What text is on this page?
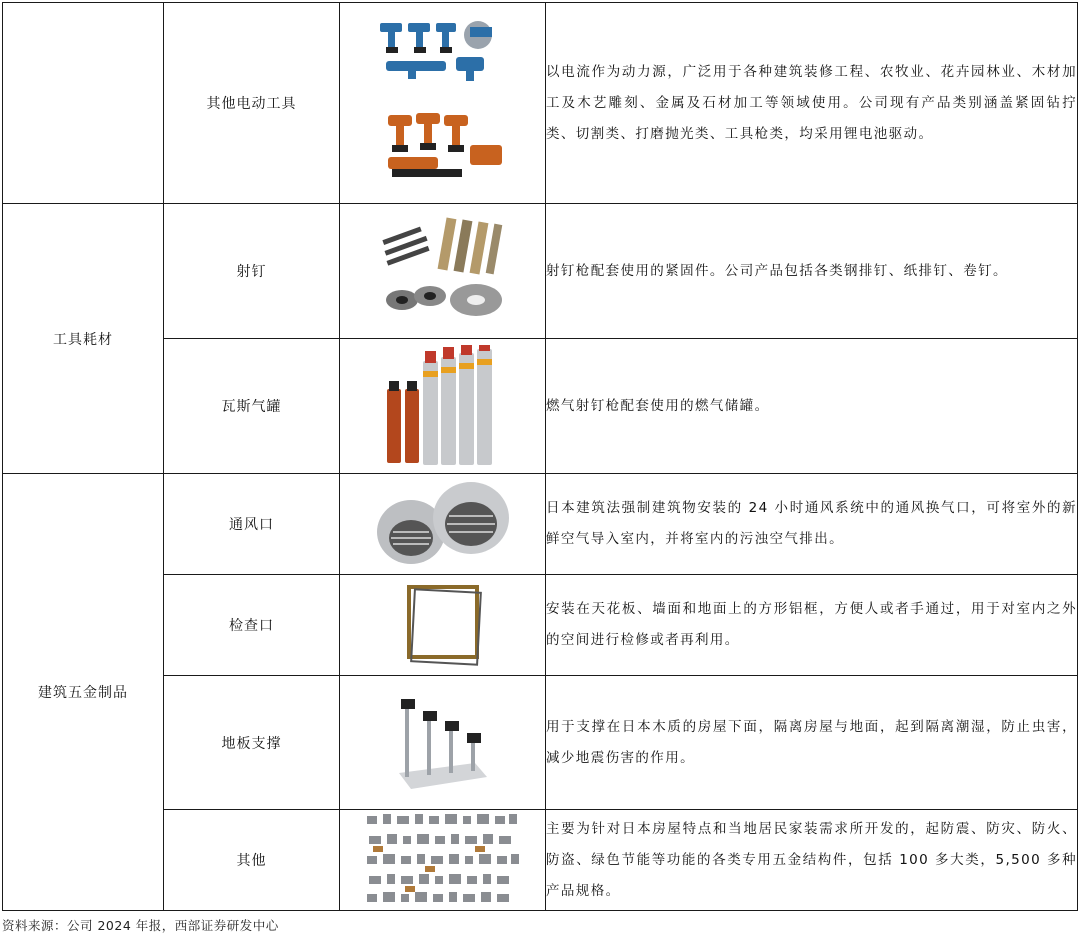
	其他电动工具		以电流作为动力源，广泛用于各种建筑装修工程、农牧业、花卉园林业、木材加工及木艺雕刻、金属及石材加工等领域使用。公司现有产品类别涵盖紧固钻拧类、切割类、打磨抛光类、工具枪类，均采用锂电池驱动。
工具耗材	射钉		射钉枪配套使用的紧固件。公司产品包括各类钢排钉、纸排钉、卷钉。
	瓦斯气罐		燃气射钉枪配套使用的燃气储罐。
建筑五金制品	通风口		日本建筑法强制建筑物安装的 24 小时通风系统中的通风换气口，可将室外的新鲜空气导入室内，并将室内的污浊空气排出。
	检查口		安装在天花板、墙面和地面上的方形铝框，方便人或者手通过，用于对室内之外的空间进行检修或者再利用。
	地板支撑		用于支撑在日本木质的房屋下面，隔离房屋与地面，起到隔离潮湿，防止虫害，减少地震伤害的作用。
	其他		主要为针对日本房屋特点和当地居民家装需求所开发的，起防震、防灾、防火、防盗、绿色节能等功能的各类专用五金结构件，包括 100 多大类，5,500 多种产品规格。
资料来源：公司 2024 年报，西部证券研发中心
